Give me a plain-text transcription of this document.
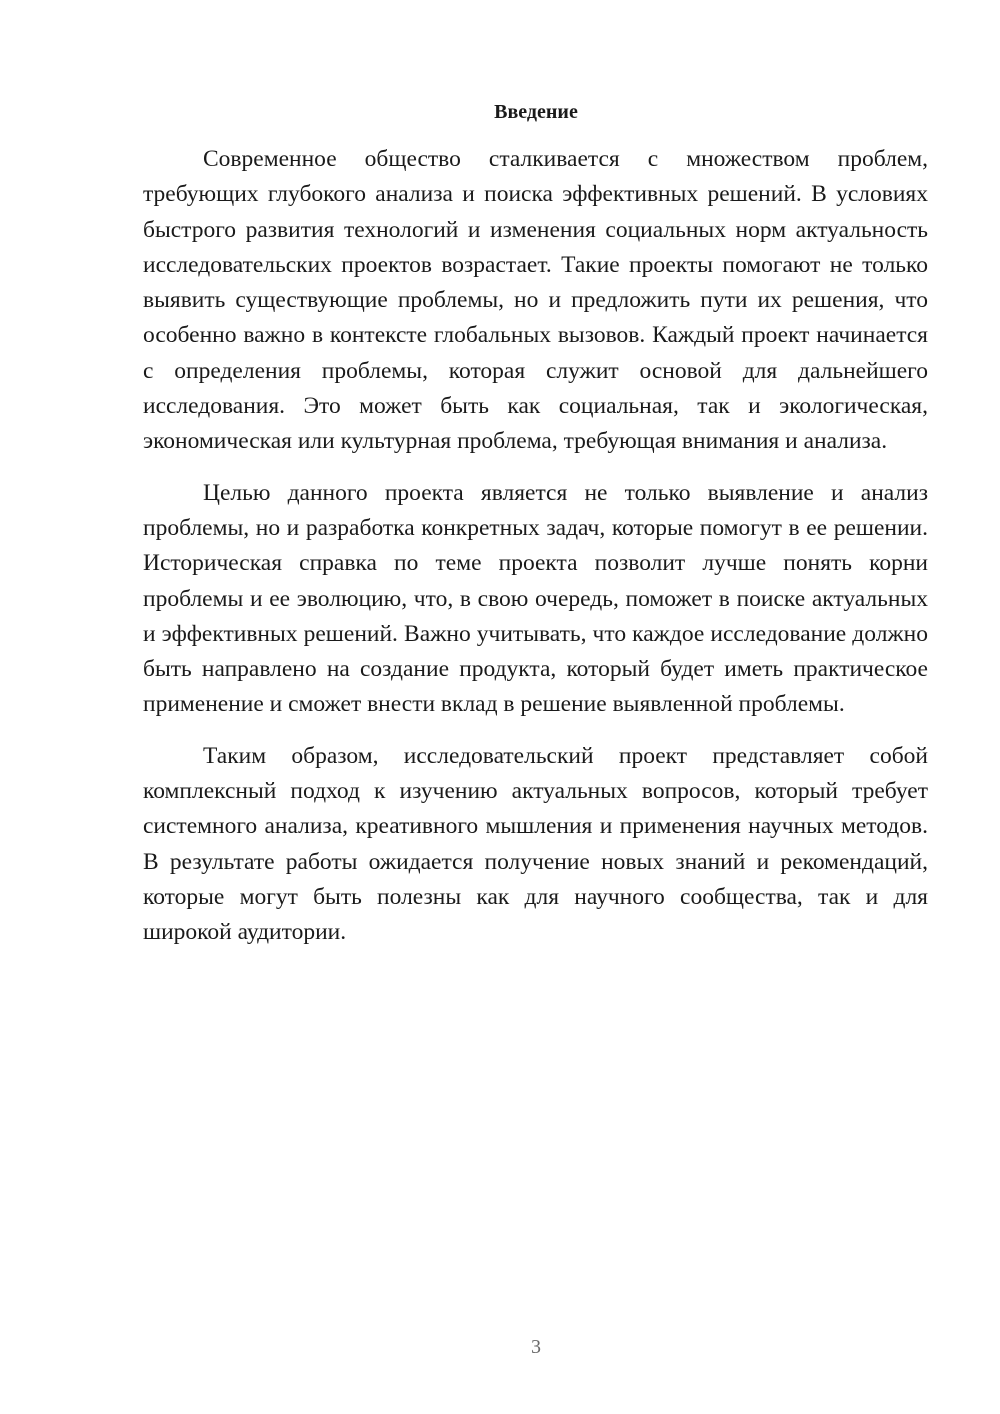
Введение

Современное общество сталкивается с множеством проблем, требующих глубокого анализа и поиска эффективных решений. В условиях быстрого развития технологий и изменения социальных норм актуальность исследовательских проектов возрастает. Такие проекты помогают не только выявить существующие проблемы, но и предложить пути их решения, что особенно важно в контексте глобальных вызовов. Каждый проект начинается с определения проблемы, которая служит основой для дальнейшего исследования. Это может быть как социальная, так и экологическая, экономическая или культурная проблема, требующая внимания и анализа.

Целью данного проекта является не только выявление и анализ проблемы, но и разработка конкретных задач, которые помогут в ее решении. Историческая справка по теме проекта позволит лучше понять корни проблемы и ее эволюцию, что, в свою очередь, поможет в поиске актуальных и эффективных решений. Важно учитывать, что каждое исследование должно быть направлено на создание продукта, который будет иметь практическое применение и сможет внести вклад в решение выявленной проблемы.

Таким образом, исследовательский проект представляет собой комплексный подход к изучению актуальных вопросов, который требует системного анализа, креативного мышления и применения научных методов. В результате работы ожидается получение новых знаний и рекомендаций, которые могут быть полезны как для научного сообщества, так и для широкой аудитории.

3
